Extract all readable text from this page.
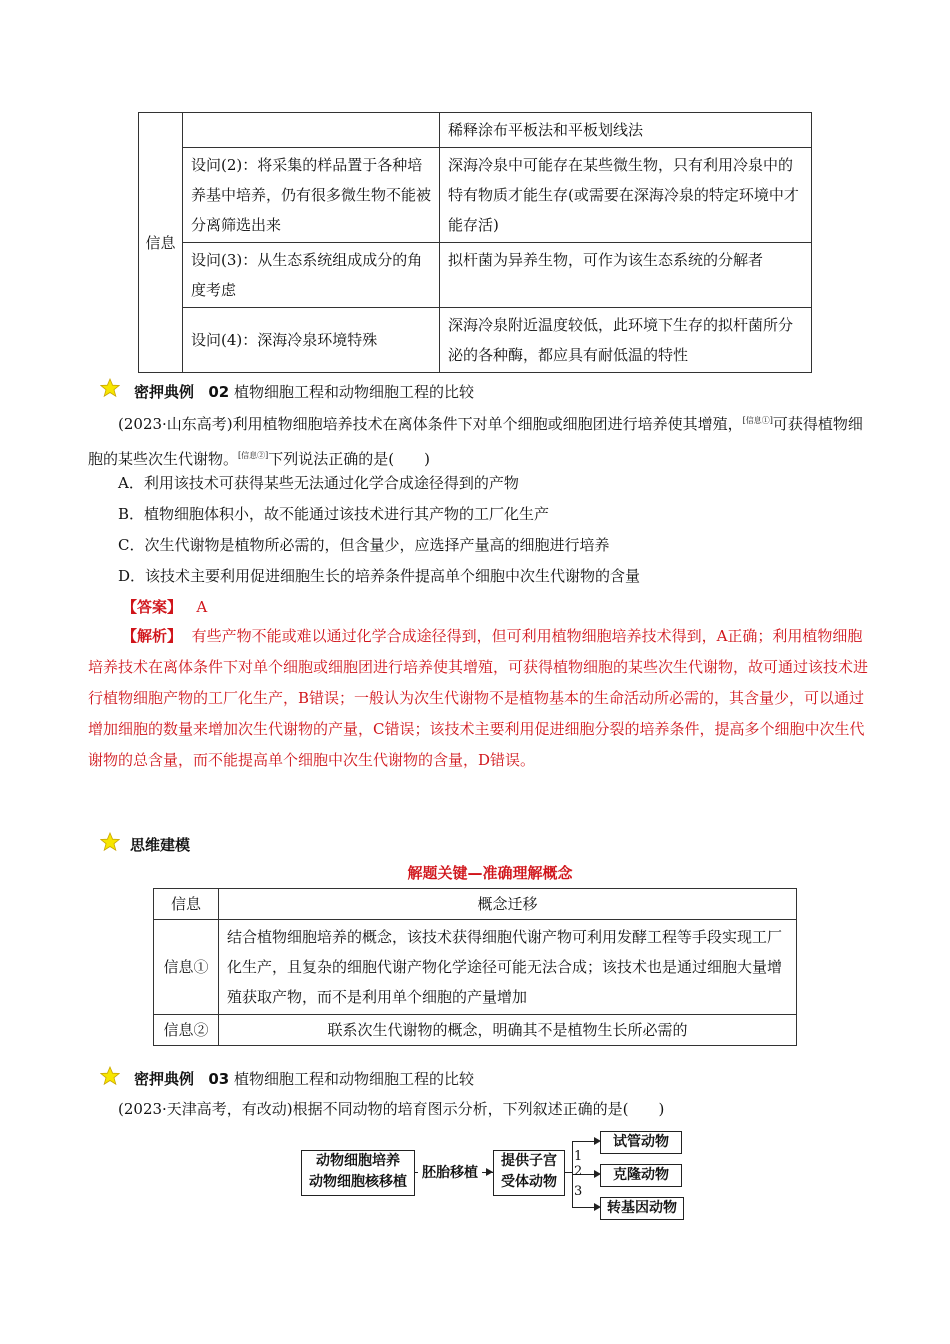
信息		稀释涂布平板法和平板划线法
	设问(2)：将采集的样品置于各种培养基中培养，仍有很多微生物不能被分离筛选出来	深海冷泉中可能存在某些微生物，只有利用冷泉中的特有物质才能生存(或需要在深海冷泉的特定环境中才能存活)
	设问(3)：从生态系统组成成分的角度考虑	拟杆菌为异养生物，可作为该生态系统的分解者
	设问(4)：深海冷泉环境特殊	深海冷泉附近温度较低，此环境下生存的拟杆菌所分泌的各种酶，都应具有耐低温的特性
密押典例 02 植物细胞工程和动物细胞工程的比较
(2023·山东高考)利用植物细胞培养技术在离体条件下对单个细胞或细胞团进行培养使其增殖，[信息①]可获得植物细胞的某些次生代谢物。[信息②]下列说法正确的是(　　)
A．利用该技术可获得某些无法通过化学合成途径得到的产物
B．植物细胞体积小，故不能通过该技术进行其产物的工厂化生产
C．次生代谢物是植物所必需的，但含量少，应选择产量高的细胞进行培养
D．该技术主要利用促进细胞生长的培养条件提高单个细胞中次生代谢物的含量
【答案】 A
【解析】 有些产物不能或难以通过化学合成途径得到，但可利用植物细胞培养技术得到，A正确；利用植物细胞培养技术在离体条件下对单个细胞或细胞团进行培养使其增殖，可获得植物细胞的某些次生代谢物，故可通过该技术进行植物细胞产物的工厂化生产，B错误；一般认为次生代谢物不是植物基本的生命活动所必需的，其含量少，可以通过增加细胞的数量来增加次生代谢物的产量，C错误；该技术主要利用促进细胞分裂的培养条件，提高多个细胞中次生代谢物的总含量，而不能提高单个细胞中次生代谢物的含量，D错误。
思维建模
解题关键—准确理解概念
信息	概念迁移
信息①	结合植物细胞培养的概念，该技术获得细胞代谢产物可利用发酵工程等手段实现工厂化生产，且复杂的细胞代谢产物化学途径可能无法合成；该技术也是通过细胞大量增殖获取产物，而不是利用单个细胞的产量增加
信息②	联系次生代谢物的概念，明确其不是植物生长所必需的
密押典例 03 植物细胞工程和动物细胞工程的比较
(2023·天津高考，有改动)根据不同动物的培育图示分析，下列叙述正确的是(　　)
动物细胞培养
动物细胞核移植
胚胎移植
提供子宫
受体动物
1
2
3
试管动物
克隆动物
转基因动物
